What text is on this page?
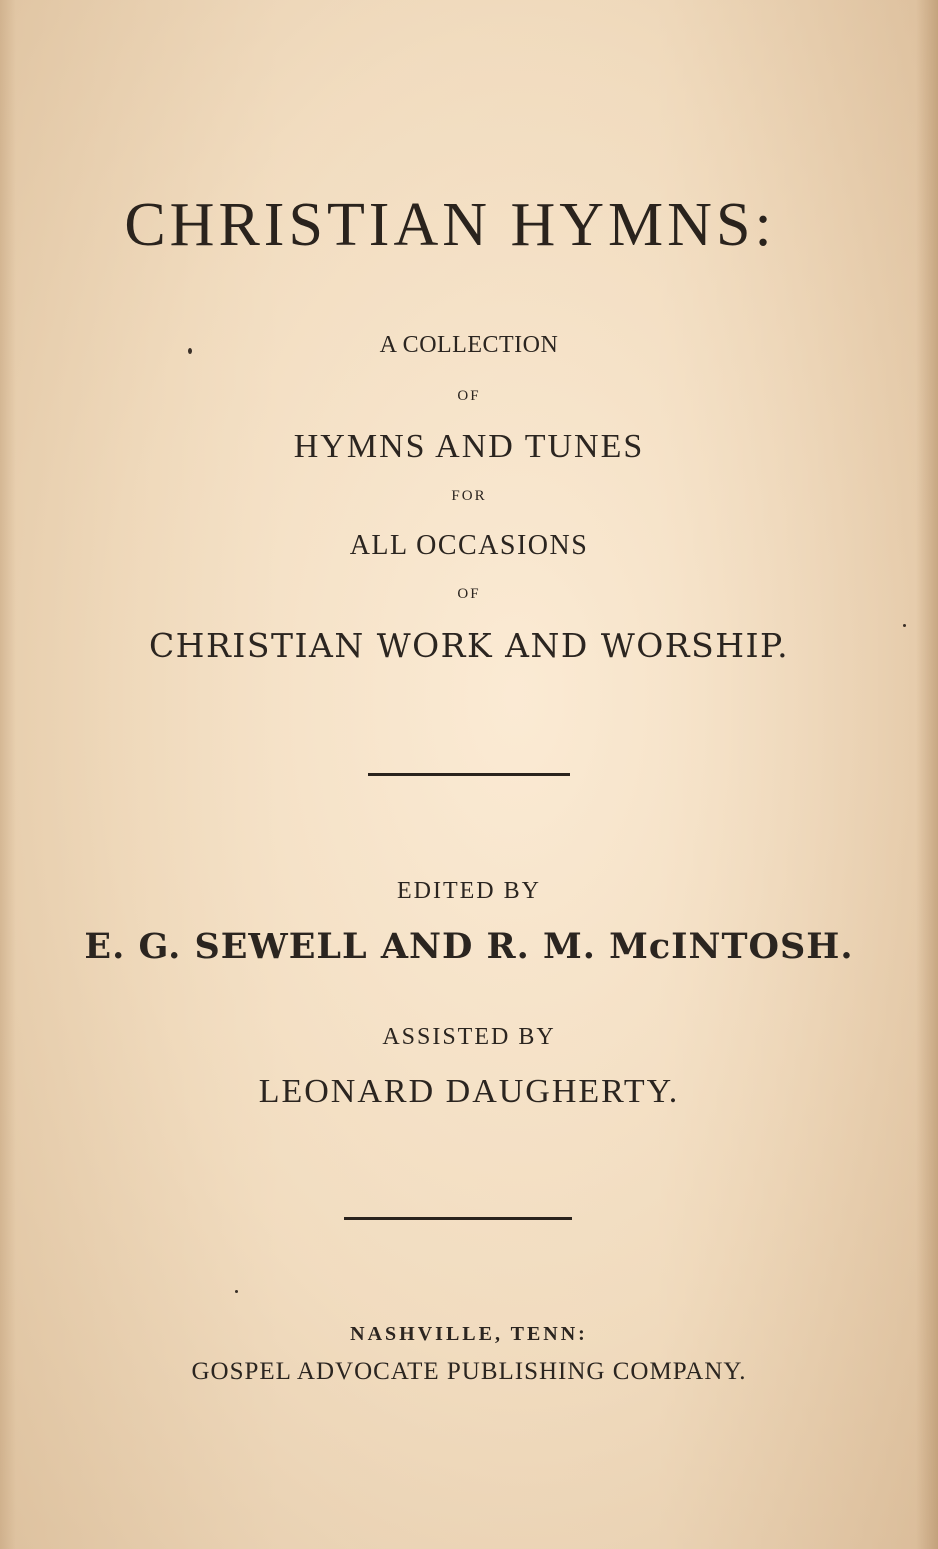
CHRISTIAN HYMNS:
A COLLECTION
OF
HYMNS AND TUNES
FOR
ALL OCCASIONS
OF
CHRISTIAN WORK AND WORSHIP.
EDITED BY
E. G. SEWELL AND R. M. McINTOSH.
ASSISTED BY
LEONARD DAUGHERTY.
NASHVILLE, TENN:
GOSPEL ADVOCATE PUBLISHING COMPANY.
